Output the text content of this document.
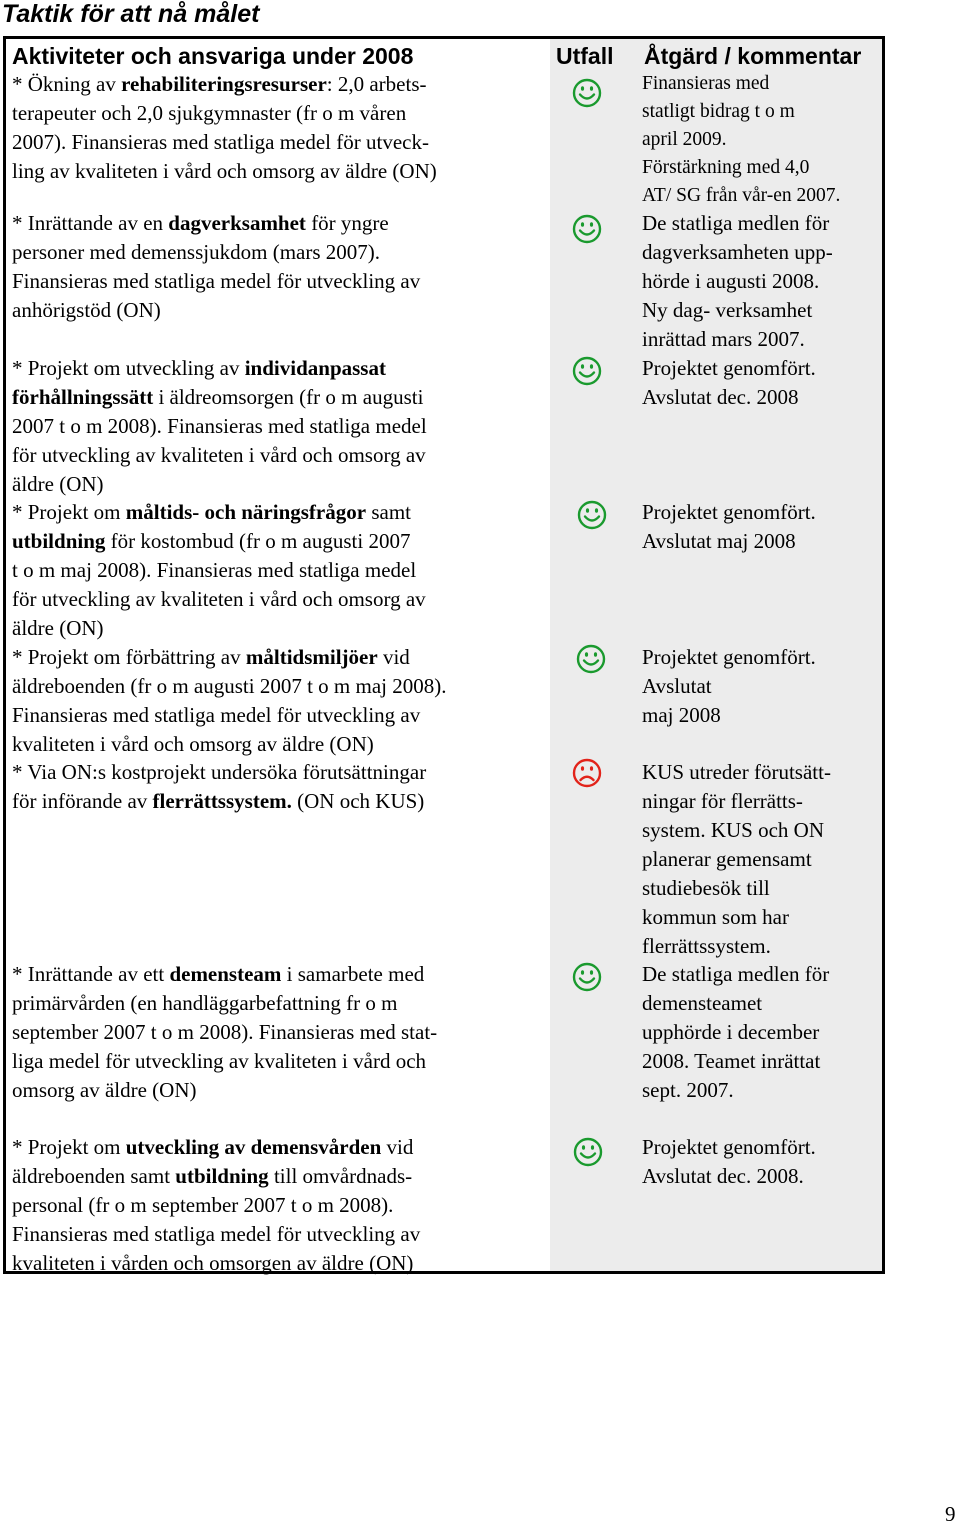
Taktik för att nå målet
Aktiviteter och ansvariga under 2008	Utfall Åtgärd / kommentar
* Ökning av rehabiliteringsresurser: 2,0 arbets-
terapeuter och 2,0 sjukgymnaster (fr o m våren
2007). Finansieras med statliga medel för utveck-
ling av kvaliteten i vård och omsorg av äldre (ON)
Finansieras med
statligt bidrag t o m
april 2009.
Förstärkning med 4,0
AT/ SG från vår-en 2007.
* Inrättande av en dagverksamhet för yngre
personer med demenssjukdom (mars 2007).
Finansieras med statliga medel för utveckling av
anhörigstöd (ON)
De statliga medlen för
dagverksamheten upp-
hörde i augusti 2008.
Ny dag- verksamhet
inrättad mars 2007.
* Projekt om utveckling av individanpassat
förhållningssätt i äldreomsorgen (fr o m augusti
2007 t o m 2008). Finansieras med statliga medel
för utveckling av kvaliteten i vård och omsorg av
äldre (ON)
Projektet genomfört.
Avslutat dec. 2008
* Projekt om måltids- och näringsfrågor samt
utbildning för kostombud (fr o m augusti 2007
t o m maj 2008). Finansieras med statliga medel
för utveckling av kvaliteten i vård och omsorg av
äldre (ON)
Projektet genomfört.
Avslutat maj 2008
* Projekt om förbättring av måltidsmiljöer vid
äldreboenden (fr o m augusti 2007 t o m maj 2008).
Finansieras med statliga medel för utveckling av
kvaliteten i vård och omsorg av äldre (ON)
Projektet genomfört.
Avslutat
maj 2008
* Via ON:s kostprojekt undersöka förutsättningar
för införande av flerrättssystem. (ON och KUS)
KUS utreder förutsätt-
ningar för flerrätts-
system. KUS och ON
planerar gemensamt
studiebesök till
kommun som har
flerrättssystem.
* Inrättande av ett demensteam i samarbete med
primärvården (en handläggarbefattning fr o m
september 2007 t o m 2008). Finansieras med stat-
liga medel för utveckling av kvaliteten i vård och
omsorg av äldre (ON)
De statliga medlen för
demensteamet
upphörde i december
2008. Teamet inrättat
sept. 2007.
* Projekt om utveckling av demensvården vid
äldreboenden samt utbildning till omvårdnads-
personal (fr o m september 2007 t o m 2008).
Finansieras med statliga medel för utveckling av
kvaliteten i vården och omsorgen av äldre (ON)
Projektet genomfört.
Avslutat dec. 2008.
9
